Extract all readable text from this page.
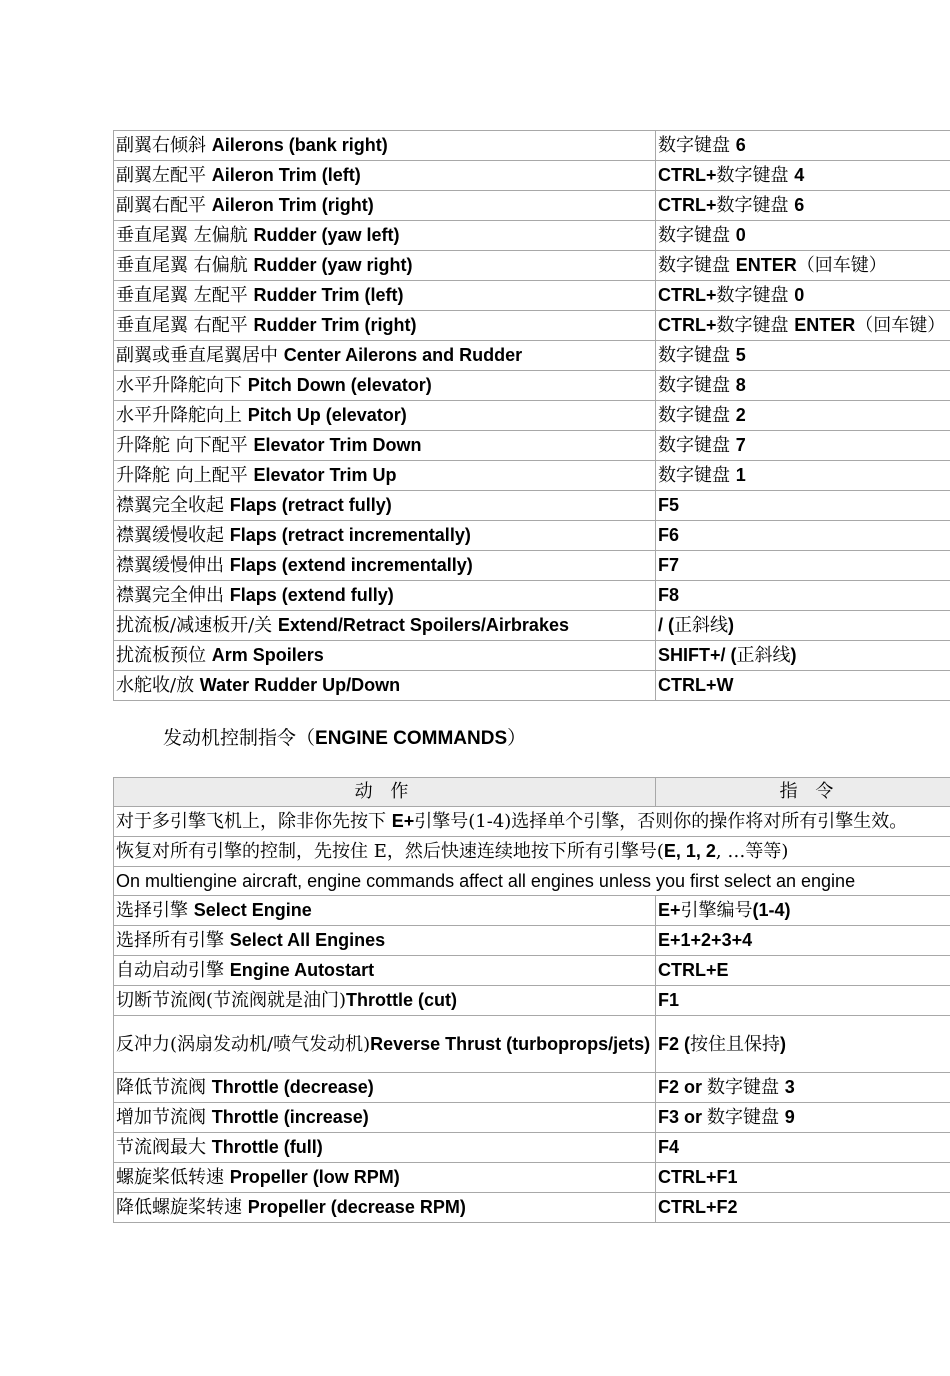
副翼右倾斜 Ailerons (bank right)	数字键盘 6
副翼左配平 Aileron Trim (left)	CTRL+数字键盘 4
副翼右配平 Aileron Trim (right)	CTRL+数字键盘 6
垂直尾翼 左偏航 Rudder (yaw left)	数字键盘 0
垂直尾翼 右偏航 Rudder (yaw right)	数字键盘 ENTER（回车键）
垂直尾翼 左配平 Rudder Trim (left)	CTRL+数字键盘 0
垂直尾翼 右配平 Rudder Trim (right)	CTRL+数字键盘 ENTER（回车键）
副翼或垂直尾翼居中 Center Ailerons and Rudder	数字键盘 5
水平升降舵向下 Pitch Down (elevator)	数字键盘 8
水平升降舵向上 Pitch Up (elevator)	数字键盘 2
升降舵 向下配平 Elevator Trim Down	数字键盘 7
升降舵 向上配平 Elevator Trim Up	数字键盘 1
襟翼完全收起 Flaps (retract fully)	F5
襟翼缓慢收起 Flaps (retract incrementally)	F6
襟翼缓慢伸出 Flaps (extend incrementally)	F7
襟翼完全伸出 Flaps (extend fully)	F8
扰流板/减速板开/关 Extend/Retract Spoilers/Airbrakes	/ (正斜线)
扰流板预位 Arm Spoilers	SHIFT+/ (正斜线)
水舵收/放 Water Rudder Up/Down	CTRL+W
发动机控制指令（ENGINE COMMANDS）
动 作	指 令
对于多引擎飞机上，除非你先按下 E+引擎号(1-4)选择单个引擎，否则你的操作将对所有引擎生效。	
恢复对所有引擎的控制，先按住 E，然后快速连续地按下所有引擎号(E, 1, 2, …等等)	
On multiengine aircraft, engine commands affect all engines unless you first select an engine	
选择引擎 Select Engine	E+引擎编号(1-4)
选择所有引擎 Select All Engines	E+1+2+3+4
自动启动引擎 Engine Autostart	CTRL+E
切断节流阀(节流阀就是油门)Throttle (cut)	F1
反冲力(涡扇发动机/喷气发动机)Reverse Thrust (turboprops/jets)	F2 (按住且保持)
降低节流阀 Throttle (decrease)	F2 or 数字键盘 3
增加节流阀 Throttle (increase)	F3 or 数字键盘 9
节流阀最大 Throttle (full)	F4
螺旋桨低转速 Propeller (low RPM)	CTRL+F1
降低螺旋桨转速 Propeller (decrease RPM)	CTRL+F2
